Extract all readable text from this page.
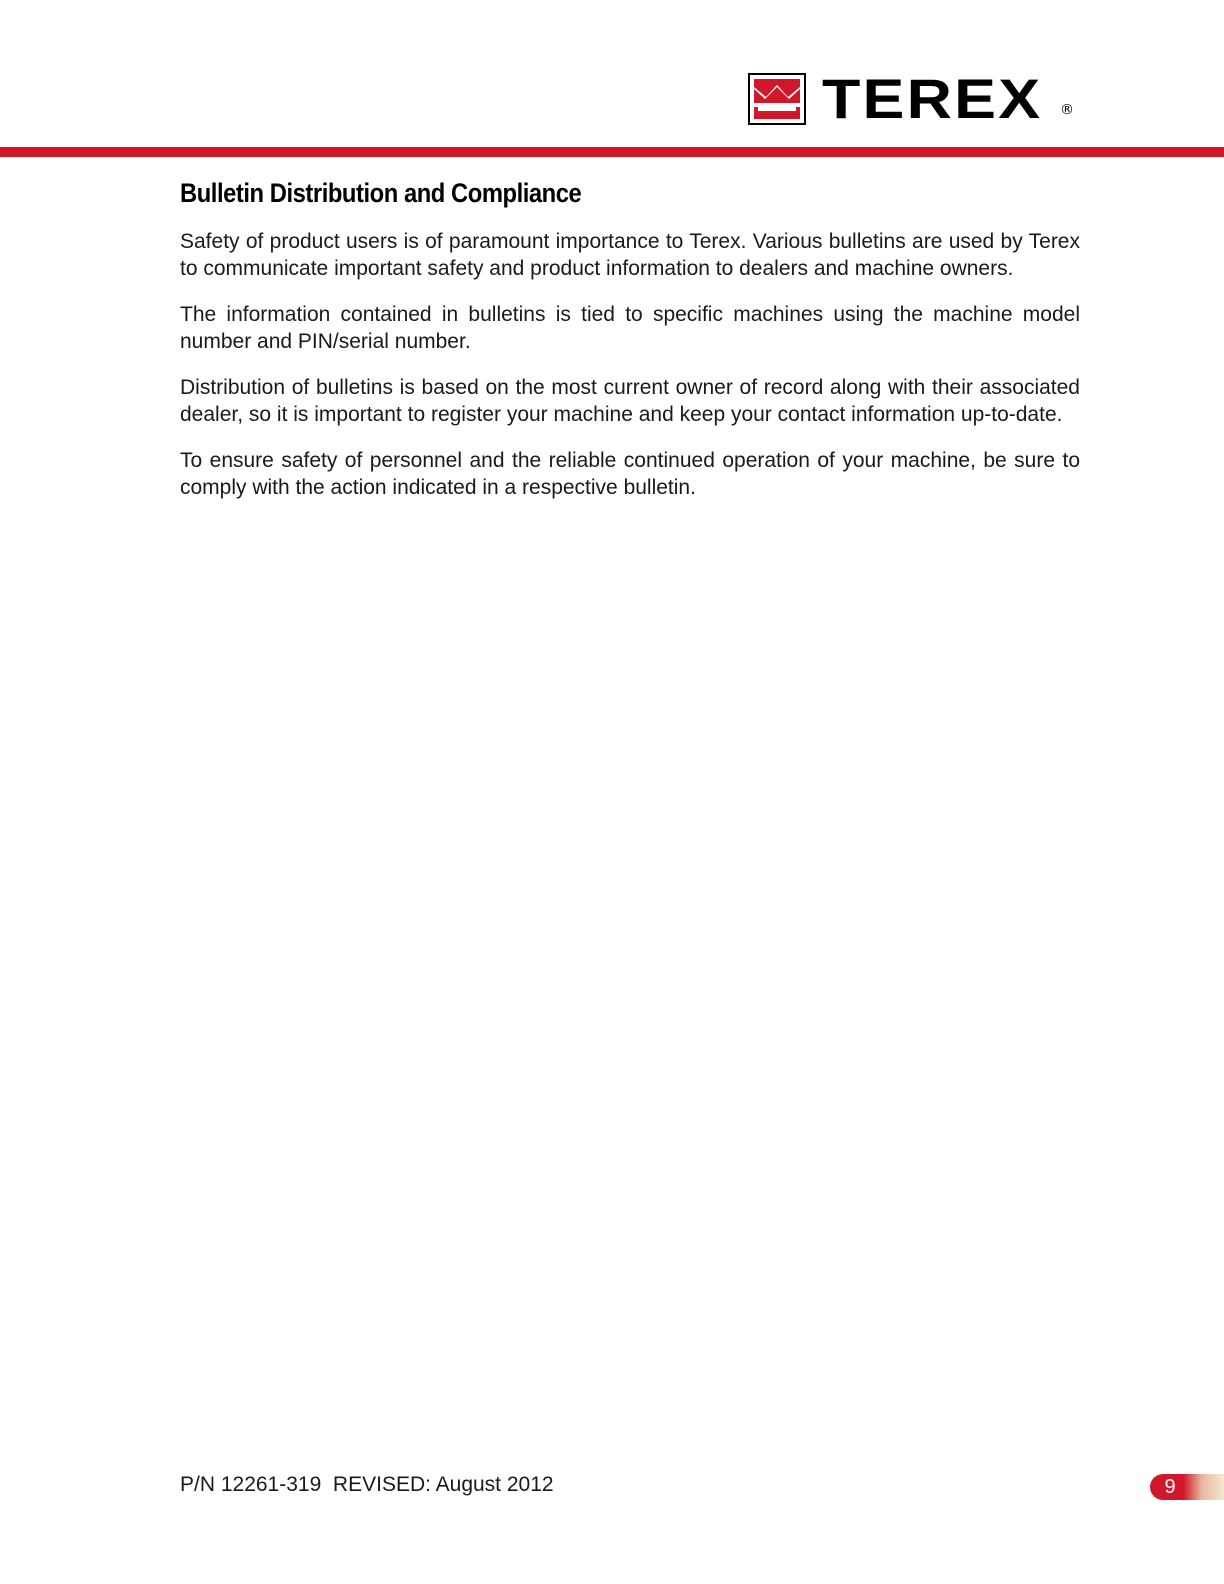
TEREX ®
Bulletin Distribution and Compliance

Safety of product users is of paramount importance to Terex. Various bulletins are used by Terex to communicate important safety and product information to dealers and machine owners.

The information contained in bulletins is tied to specific machines using the machine model number and PIN/serial number.

Distribution of bulletins is based on the most current owner of record along with their associated dealer, so it is important to register your machine and keep your contact information up-to-date.

To ensure safety of personnel and the reliable continued operation of your machine, be sure to comply with the action indicated in a respective bulletin.

P/N 12261-319  REVISED: August 2012	9
